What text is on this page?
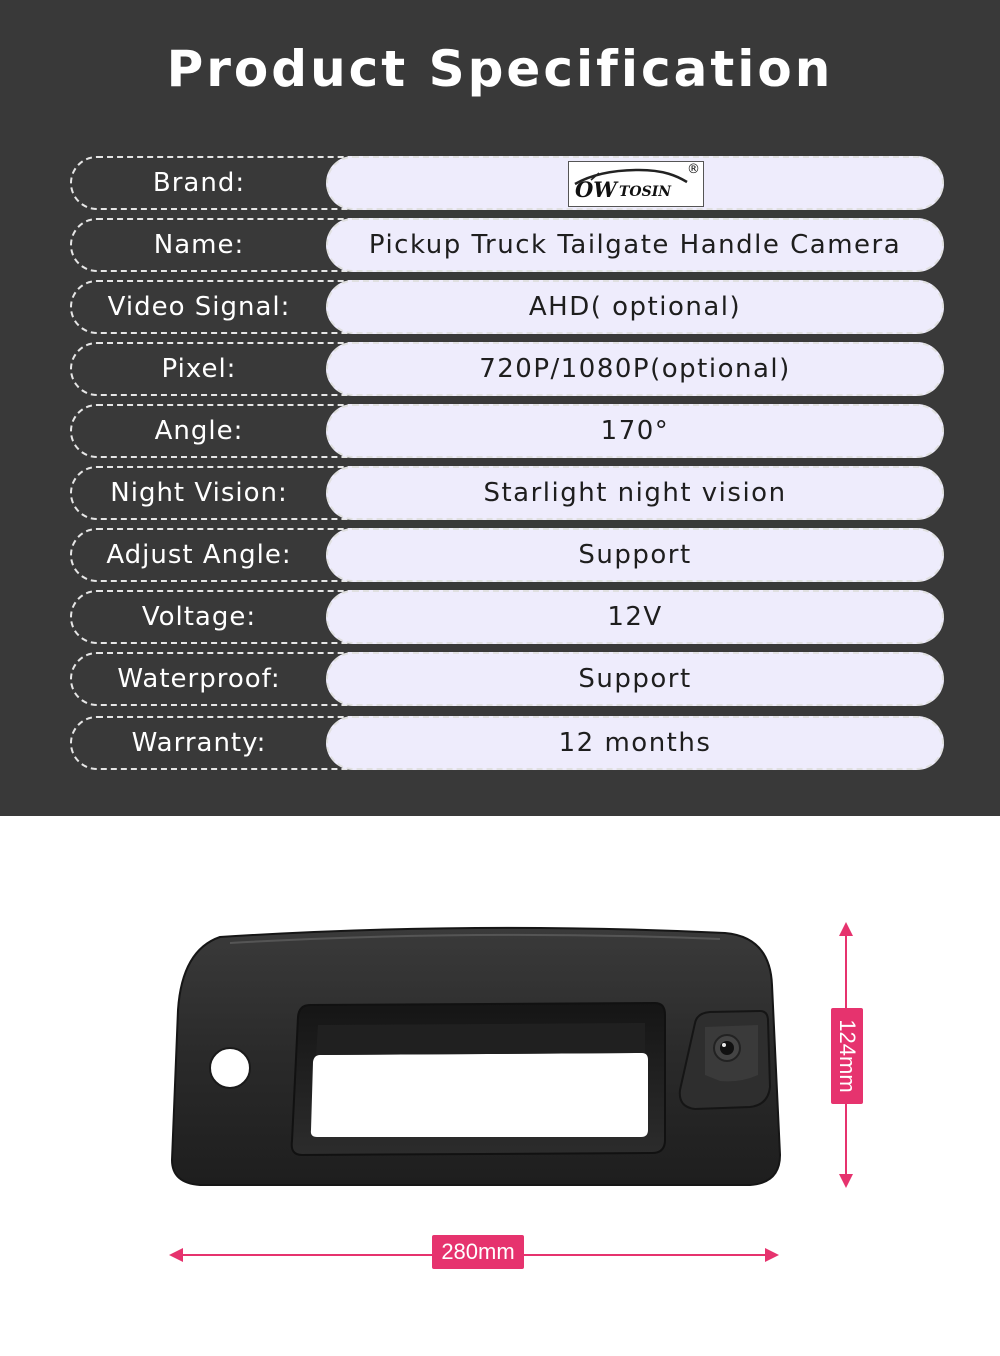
Product Specification
Brand:	OW TOSIN
®
Name:	Pickup Truck Tailgate Handle Camera
Video Signal:	AHD( optional)
Pixel:	720P/1080P(optional)
Angle:	170°
Night Vision:	Starlight night vision
Adjust Angle:	Support
Voltage:	12V
Waterproof:	Support
Warranty:	12 months
124mm
280mm
